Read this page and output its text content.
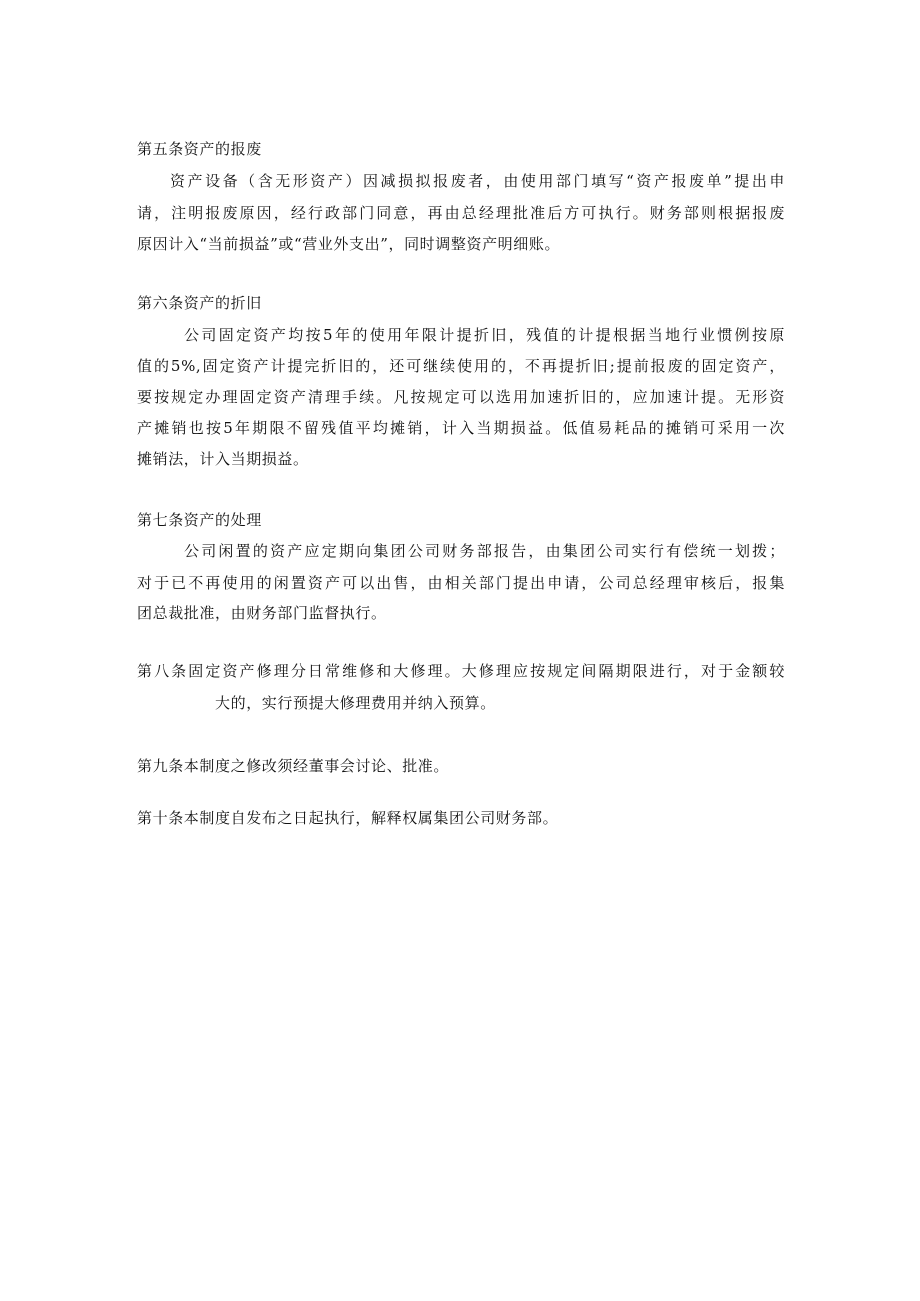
第五条资产的报废
资产设备（含无形资产）因减损拟报废者，由使用部门填写“资产报废单”提出申
请，注明报废原因，经行政部门同意，再由总经理批准后方可执行。财务部则根据报废
原因计入“当前损益”或“营业外支出”，同时调整资产明细账。
第六条资产的折旧
公司固定资产均按5年的使用年限计提折旧，残值的计提根据当地行业惯例按原
值的5%,固定资产计提完折旧的，还可继续使用的，不再提折旧;提前报废的固定资产，
要按规定办理固定资产清理手续。凡按规定可以选用加速折旧的，应加速计提。无形资
产摊销也按5年期限不留残值平均摊销，计入当期损益。低值易耗品的摊销可采用一次
摊销法，计入当期损益。
第七条资产的处理
公司闲置的资产应定期向集团公司财务部报告，由集团公司实行有偿统一划拨；
对于已不再使用的闲置资产可以出售，由相关部门提出申请，公司总经理审核后，报集
团总裁批准，由财务部门监督执行。
第八条固定资产修理分日常维修和大修理。大修理应按规定间隔期限进行，对于金额较
大的，实行预提大修理费用并纳入预算。
第九条本制度之修改须经董事会讨论、批准。
第十条本制度自发布之日起执行，解释权属集团公司财务部。
